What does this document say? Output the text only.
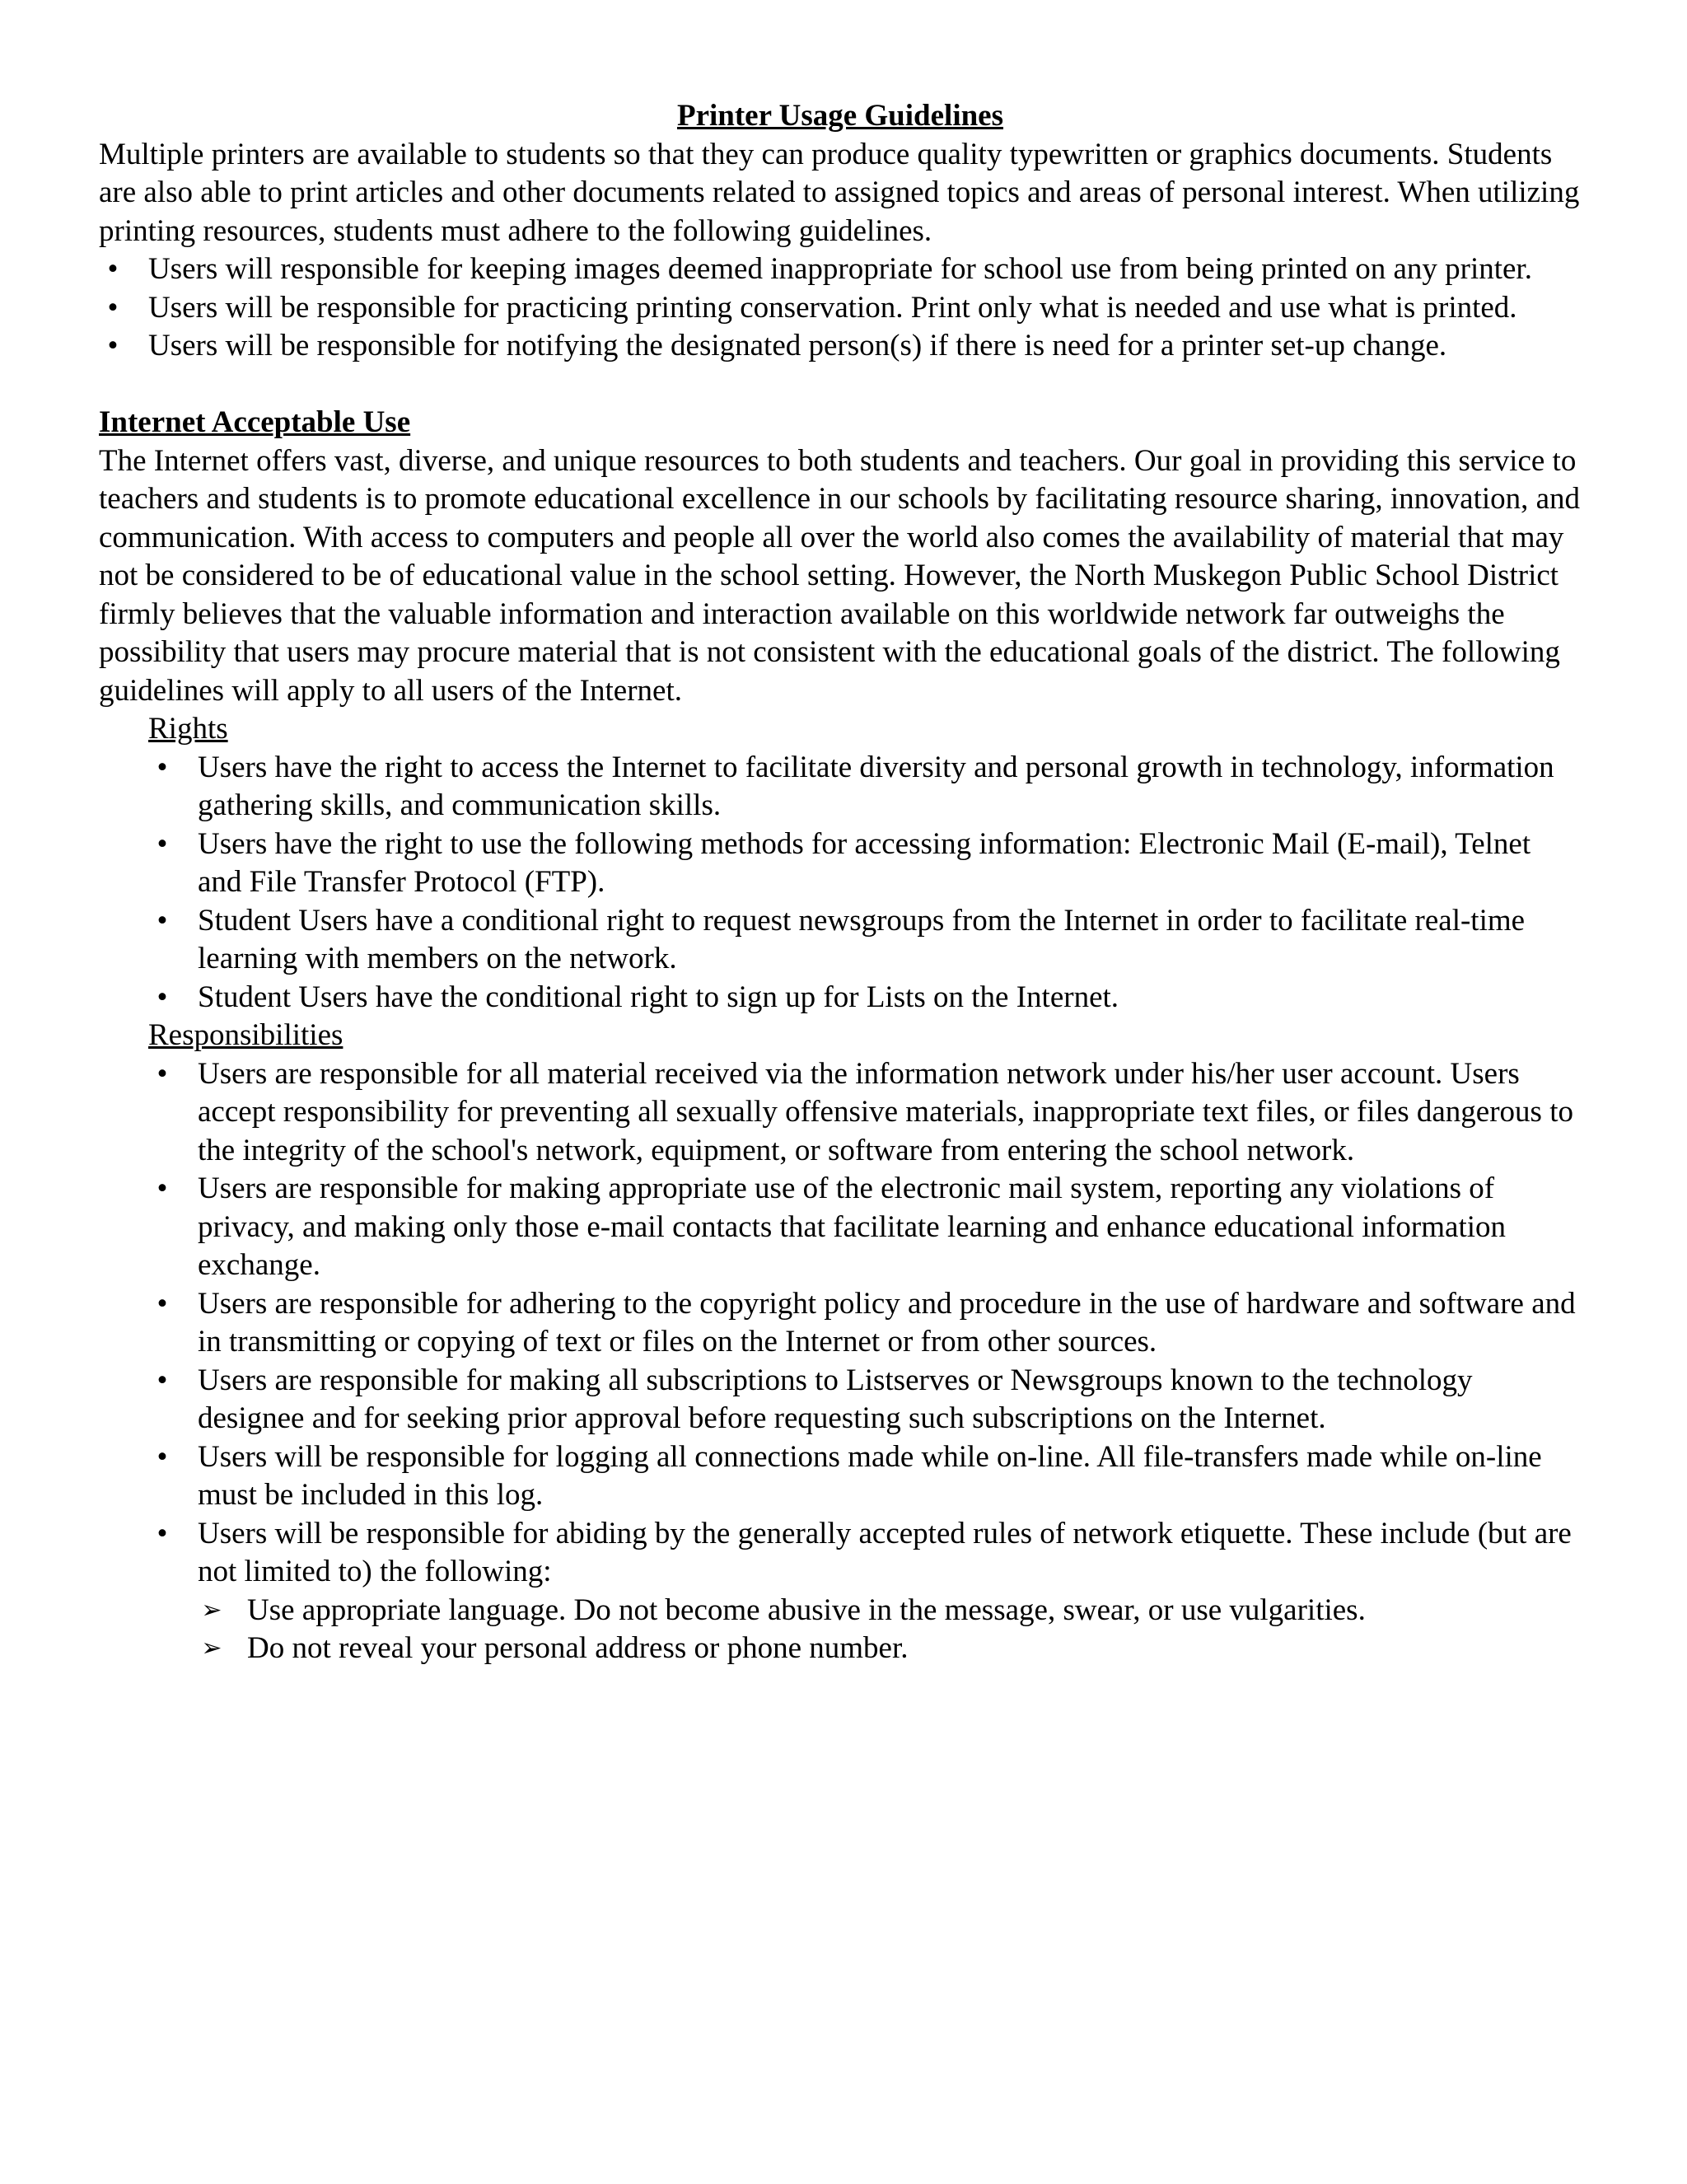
Printer Usage Guidelines

Multiple printers are available to students so that they can produce quality typewritten or graphics documents. Students are also able to print articles and other documents related to assigned topics and areas of personal interest. When utilizing printing resources, students must adhere to the following guidelines.

• Users will responsible for keeping images deemed inappropriate for school use from being printed on any printer.
• Users will be responsible for practicing printing conservation. Print only what is needed and use what is printed.
• Users will be responsible for notifying the designated person(s) if there is need for a printer set-up change.

Internet Acceptable Use

The Internet offers vast, diverse, and unique resources to both students and teachers. Our goal in providing this service to teachers and students is to promote educational excellence in our schools by facilitating resource sharing, innovation, and communication. With access to computers and people all over the world also comes the availability of material that may not be considered to be of educational value in the school setting. However, the North Muskegon Public School District firmly believes that the valuable information and interaction available on this worldwide network far outweighs the possibility that users may procure material that is not consistent with the educational goals of the district. The following guidelines will apply to all users of the Internet.

Rights

• Users have the right to access the Internet to facilitate diversity and personal growth in technology, information gathering skills, and communication skills.
• Users have the right to use the following methods for accessing information: Electronic Mail (E-mail), Telnet and File Transfer Protocol (FTP).
• Student Users have a conditional right to request newsgroups from the Internet in order to facilitate real-time learning with members on the network.
• Student Users have the conditional right to sign up for Lists on the Internet.

Responsibilities

• Users are responsible for all material received via the information network under his/her user account. Users accept responsibility for preventing all sexually offensive materials, inappropriate text files, or files dangerous to the integrity of the school's network, equipment, or software from entering the school network.
• Users are responsible for making appropriate use of the electronic mail system, reporting any violations of privacy, and making only those e-mail contacts that facilitate learning and enhance educational information exchange.
• Users are responsible for adhering to the copyright policy and procedure in the use of hardware and software and in transmitting or copying of text or files on the Internet or from other sources.
• Users are responsible for making all subscriptions to Listserves or Newsgroups known to the technology designee and for seeking prior approval before requesting such subscriptions on the Internet.
• Users will be responsible for logging all connections made while on-line. All file-transfers made while on-line must be included in this log.
• Users will be responsible for abiding by the generally accepted rules of network etiquette. These include (but are not limited to) the following:
➢ Use appropriate language. Do not become abusive in the message, swear, or use vulgarities.
➢ Do not reveal your personal address or phone number.
